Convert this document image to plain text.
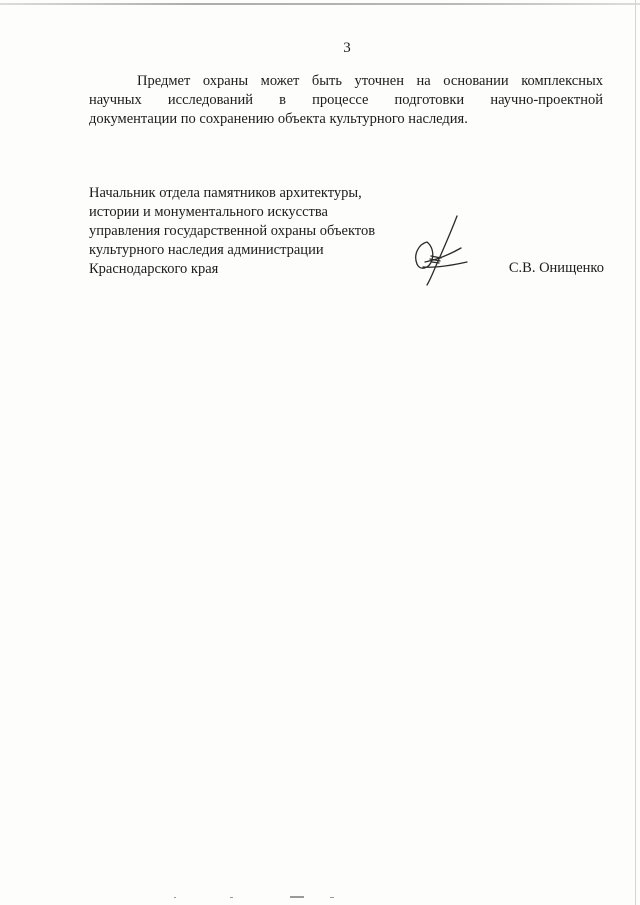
3
Предмет охраны может быть уточнен на основании комплексных
научных исследований в процессе подготовки научно-проектной
документации по сохранению объекта культурного наследия.
Начальник отдела памятников архитектуры,
истории и монументального искусства
управления государственной охраны объектов
культурного наследия администрации
Краснодарского края	С.В. Онищенко
